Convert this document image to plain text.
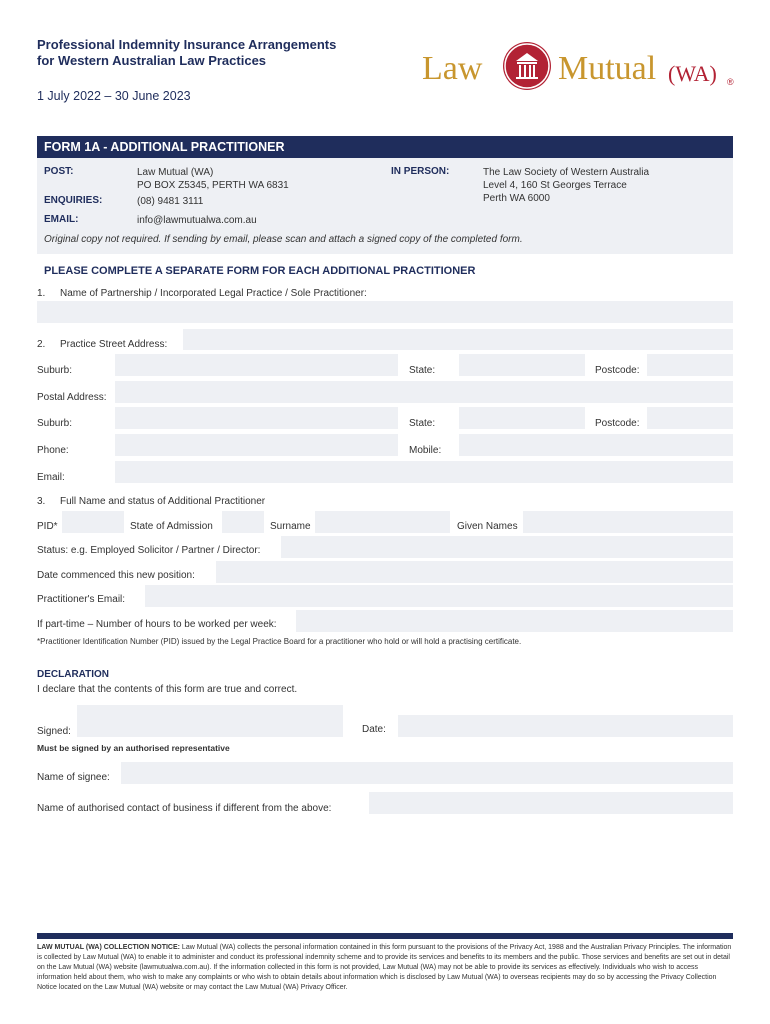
Professional Indemnity Insurance Arrangements
for Western Australian Law Practices
1 July 2022 – 30 June 2023
Law Mutual (WA) ®
FORM 1A - ADDITIONAL PRACTITIONER
POST:	Law Mutual (WA)
PO BOX Z5345, PERTH WA 6831
ENQUIRIES:	(08) 9481 3111
EMAIL:	info@lawmutualwa.com.au
IN PERSON:	The Law Society of Western Australia
Level 4, 160 St Georges Terrace
Perth WA 6000
Original copy not required. If sending by email, please scan and attach a signed copy of the completed form.
PLEASE COMPLETE A SEPARATE FORM FOR EACH ADDITIONAL PRACTITIONER
1. Name of Partnership / Incorporated Legal Practice / Sole Practitioner:
2. Practice Street Address:
Suburb:	State:	Postcode:
Postal Address:
Suburb:	State:	Postcode:
Phone:	Mobile:
Email:
3. Full Name and status of Additional Practitioner
PID*	State of Admission	Surname	Given Names
Status: e.g. Employed Solicitor / Partner / Director:
Date commenced this new position:
Practitioner's Email:
If part-time – Number of hours to be worked per week:
*Practitioner Identification Number (PID) issued by the Legal Practice Board for a practitioner who hold or will hold a practising certificate.
DECLARATION
I declare that the contents of this form are true and correct.
Signed:	Date:
Must be signed by an authorised representative
Name of signee:
Name of authorised contact of business if different from the above:
LAW MUTUAL (WA) COLLECTION NOTICE: Law Mutual (WA) collects the personal information contained in this form pursuant to the provisions of the Privacy Act, 1988 and the Australian Privacy Principles. The information is collected by Law Mutual (WA) to enable it to administer and conduct its professional indemnity scheme and to provide its services and benefits to its members and the public. Those services and benefits are set out in detail on the Law Mutual (WA) website (lawmutualwa.com.au). If the information collected in this form is not provided, Law Mutual (WA) may not be able to provide its services as effectively. Individuals who wish to access information held about them, who wish to make any complaints or who wish to obtain details about information which is disclosed by Law Mutual (WA) to overseas recipients may do so by accessing the Privacy Collection Notice located on the Law Mutual (WA) website or may contact the Law Mutual (WA) Privacy Officer.
